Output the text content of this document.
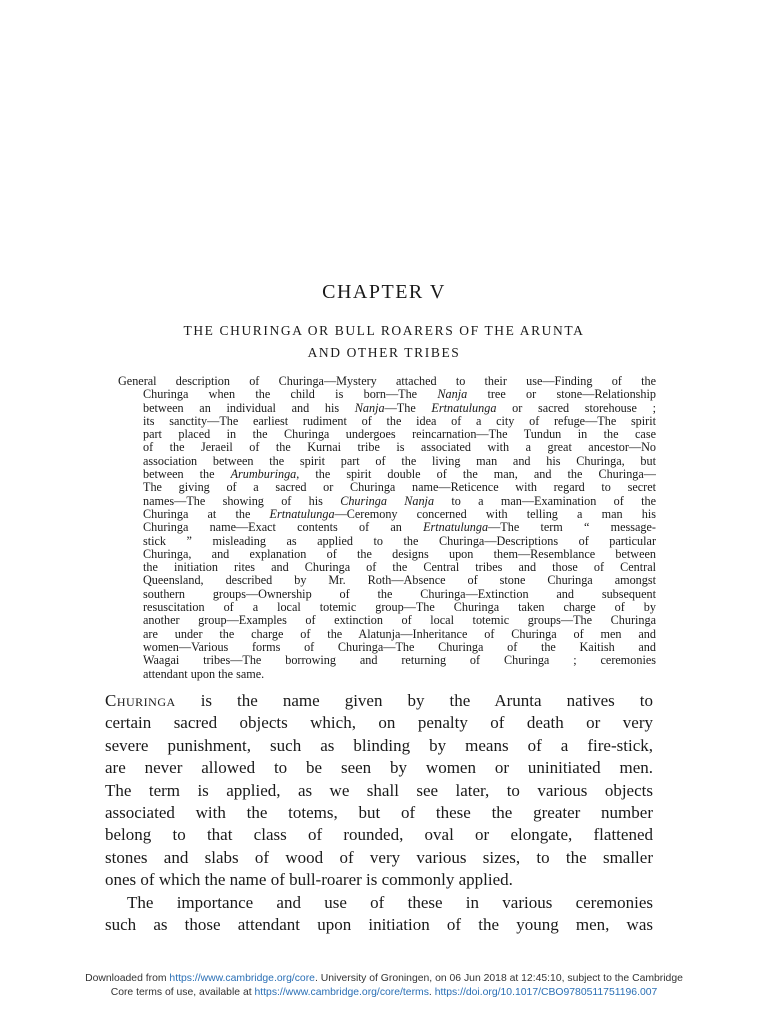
CHAPTER V
THE CHURINGA OR BULL ROARERS OF THE ARUNTA
AND OTHER TRIBES
General description of Churinga—Mystery attached to their use—Finding of the
Churinga when the child is born—The Nanja tree or stone—Relationship
between an individual and his Nanja—The Ertnatulunga or sacred storehouse ;
its sanctity—The earliest rudiment of the idea of a city of refuge—The spirit
part placed in the Churinga undergoes reincarnation—The Tundun in the case
of the Jeraeil of the Kurnai tribe is associated with a great ancestor—No
association between the spirit part of the living man and his Churinga, but
between the Arumburinga, the spirit double of the man, and the Churinga—
The giving of a sacred or Churinga name—Reticence with regard to secret
names—The showing of his Churinga Nanja to a man—Examination of the
Churinga at the Ertnatulunga—Ceremony concerned with telling a man his
Churinga name—Exact contents of an Ertnatulunga—The term “ message-
stick ” misleading as applied to the Churinga—Descriptions of particular
Churinga, and explanation of the designs upon them—Resemblance between
the initiation rites and Churinga of the Central tribes and those of Central
Queensland, described by Mr. Roth—Absence of stone Churinga amongst
southern groups—Ownership of the Churinga—Extinction and subsequent
resuscitation of a local totemic group—The Churinga taken charge of by
another group—Examples of extinction of local totemic groups—The Churinga
are under the charge of the Alatunja—Inheritance of Churinga of men and
women—Various forms of Churinga—The Churinga of the Kaitish and
Waagai tribes—The borrowing and returning of Churinga ; ceremonies
attendant upon the same.
Churinga is the name given by the Arunta natives to
certain sacred objects which, on penalty of death or very
severe punishment, such as blinding by means of a fire-stick,
are never allowed to be seen by women or uninitiated men.
The term is applied, as we shall see later, to various objects
associated with the totems, but of these the greater number
belong to that class of rounded, oval or elongate, flattened
stones and slabs of wood of very various sizes, to the smaller
ones of which the name of bull-roarer is commonly applied.
The importance and use of these in various ceremonies
such as those attendant upon initiation of the young men, was
Downloaded from https://www.cambridge.org/core. University of Groningen, on 06 Jun 2018 at 12:45:10, subject to the Cambridge
Core terms of use, available at https://www.cambridge.org/core/terms. https://doi.org/10.1017/CBO9780511751196.007
